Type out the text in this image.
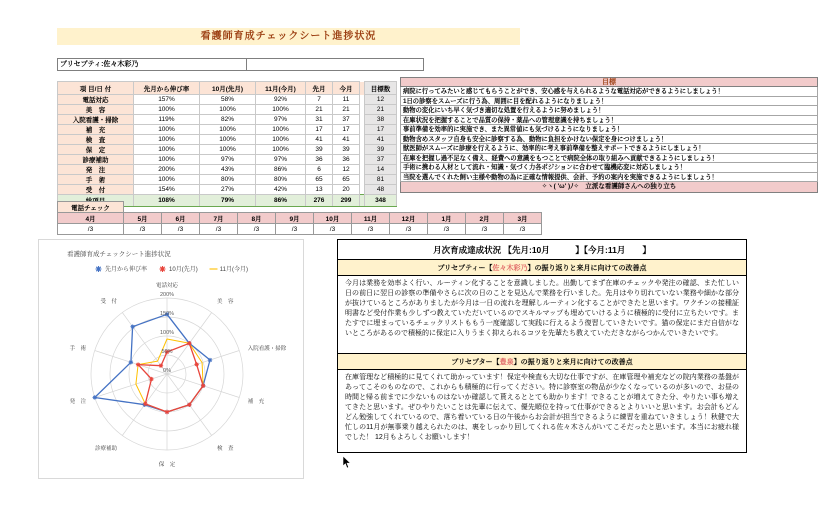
看護師育成チェックシート進捗状況
プリセプティ:佐々木彩乃
				↓ココのみ入力			
項 目/日 付	先月から伸び率	10月(先月)	11月(今月)	先月	今月		目標数
電話対応	157%	58%	92%	7	11		12
美　容	100%	100%	100%	21	21		21
入院看護・掃除	119%	82%	97%	31	37		38
補　充	100%	100%	100%	17	17		17
検　査	100%	100%	100%	41	41		41
保　定	100%	100%	100%	39	39		39
診療補助	100%	97%	97%	36	36		37
発　注	200%	43%	86%	6	12		14
手　術	100%	80%	80%	65	65		81
受　付	154%	27%	42%	13	20		48
	108%	79%	86%	276	299		348
目標
病院に行ってみたいと感じてもらうことができ、安心感を与えられるような電話対応ができるようにしましょう！
1日の診察をスムーズに行う為、周囲に目を配れるようになりましょう！
動物の変化にいち早く気づき適切な処置を行えるように努めましょう！
在庫状況を把握することで品質の保持・薬品への管理意識を持ちましょう！
事前準備を効率的に実施でき、また異常値にも気づけるようになりましょう！
動物含めスタッフ自身も安全に診察する為、動物に負担をかけない保定を身につけましょう！
獣医師がスムーズに診療を行えるように、効率的に考え事前準備を整えサポートできるようにしましょう！
在庫を把握し過不足なく備え、経費への意識をもつことで病院全体の取り組みへ貢献できるようにしましょう！
手術に携わる人材として流れ・知識・気づく力各ポジションに合わせて臨機応変に対応しましょう！
当院を選んでくれた飼い主様や動物の為に正確な情報提供、会計、予約の案内を実施できるようにしましょう！
✧ヽ( 'ω' )ﾉ✧　立派な看護師さんへの独り立ち
電話チェック											
4月	5月	6月	7月	8月	9月	10月	11月	12月	1月	2月	3月
/3	/3	/3	/3	/3	/3	/3	/3	/3	/3	/3	/3
看護師育成チェックシート進捗状況
先月から伸び率	10月(先月)	11月(今月)
0%
50%
100%
150%
200%
電話対応
美　容
入院看護・掃除
補　充
検　査
保　定
診療補助
発　注
手　術
受　付
月次育成達成状況 【先月:10月　　　】【今月:11月　　】
プリセプティー【佐々木彩乃】の振り返りと来月に向けての改善点
今月は業務を効率よく行い、ルーティン化することを意識しました。出勤してまず在庫のチェックや発注の確認、また忙しい日の前日に翌日の診察の準備やさらに次の日のことを見込んで業務を行いました。先月はやり切れていない業務や細かな部分が抜けているところがありましたが今月は一日の流れを理解しルーティン化することができたと思います。ワクチンの接種証明書など受付作業も少しずつ教えていただいているのでスキルマップも埋めていけるように積極的に受付に立ちたいです。またすでに埋まっているチェックリストももう一度確認して実践に行えるよう復習していきたいです。猫の保定にまだ自信がないところがあるので積極的に保定に入りうまく抑えられるコツを先輩たち教えていただきながらつかんでいきたいです。
プリセプター【豊泉】の振り返りと来月に向けての改善点
在庫管理など積極的に見てくれて助かっています！保定や検査も大切な仕事ですが、在庫管理や補充などの院内業務の基盤があってこそのものなので、これからも積極的に行ってください。特に診察室の物品が少なくなっているのが多いので、お昼の時間と帰る前までに少ないものはないか確認して貰えるととても助かります！できることが増えてきた分、やりたい事も増えてきたと思います。ぜひやりたいことは先輩に伝えて、優先順位を持って仕事ができるとよりいいと思います。お会計もどんどん勉強してくれているので、落ち着いている日の午後からお会計が担当できるように練習を重ねていきましょう！秋健で大忙しの11月が無事乗り越えられたのは、裏をしっかり回してくれる佐々木さんがいてこそだったと思います。本当にお疲れ様でした！ 12月もよろしくお願いします！
